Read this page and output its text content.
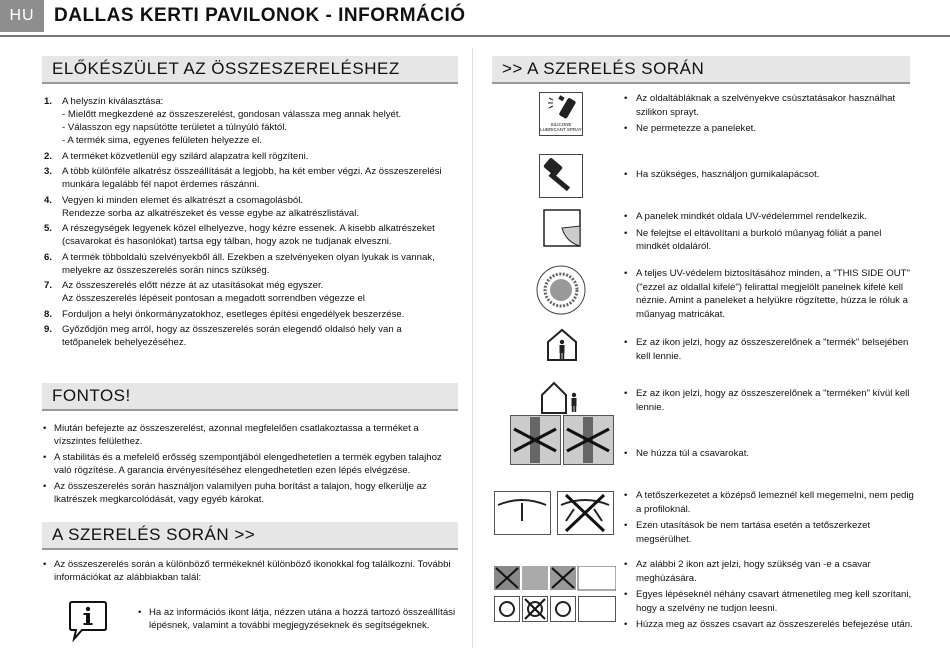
HU	DALLAS KERTI PAVILONOK - INFORMÁCIÓ
ELŐKÉSZÜLET AZ ÖSSZESZERELÉSHEZ
1. A helyszín kiválasztása:
- Mielőtt megkezdené az összeszerelést, gondosan válassza meg annak helyét.
- Válasszon egy napsütötte területet a túlnyúló fáktól.
- A termék sima, egyenes felületen helyezze el.
2. A terméket közvetlenül egy szilárd alapzatra kell rögzíteni.
3. A több különféle alkatrész összeállítását a legjobb, ha két ember végzi. Az összeszerelési munkára legalább fél napot érdemes rászánni.
4. Vegyen ki minden elemet és alkatrészt a csomagolásból.
Rendezze sorba az alkatrészeket és vesse egybe az alkatrészlistával.
5. A részegységek legyenek közel elhelyezve, hogy kézre essenek. A kisebb alkatrészeket (csavarokat és hasonlókat) tartsa egy tálban, hogy azok ne tudjanak elveszni.
6. A termék többoldalú szelvényekből áll. Ezekben a szelvényeken olyan lyukak is vannak, melyekre az összeszerelés során nincs szükség.
7. Az összeszerelés előtt nézze át az utasításokat még egyszer.
Az összeszerelés lépéseit pontosan a megadott sorrendben végezze el
8. Forduljon a helyi önkormányzatokhoz, esetleges építési engedélyek beszerzése.
9. Győződjön meg arról, hogy az összeszerelés során elegendő oldalsó hely van a tetőpanelek behelyezéséhez.
FONTOS!
• Miután befejezte az összeszerelést, azonnal megfelelően csatlakoztassa a terméket a vízszintes felülethez.
• A stabilitás és a mefelelő erősség szempontjából elengedhetetlen a termék egyben talajhoz való rögzítése. A garancia érvényesítéséhez elengedhetetlen ezen lépés elvégzése.
• Az összeszerelés során használjon valamilyen puha borítást a talajon, hogy elkerülje az lkatrészek megkarcolódását, vagy egyéb károkat.
A SZERELÉS SORÁN >>
• Az összeszerelés során a különböző termékeknél különböző ikonokkal fog találkozni. További információkat az alábbiakban talál:
• Ha az információs ikont látja, nézzen utána a hozzá tartozó összeállítási lépésnek, valamint a további megjegyzéseknek és segítségeknek.
>> A SZERELÉS SORÁN
SILICONE LUBRICANT SPRAY
• Az oldaltábláknak a szelvényekve csúsztatásakor használhat szilikon sprayt.
• Ne permetezze a paneleket.
• Ha szükséges, használjon gumikalapácsot.
• A panelek mindkét oldala UV-védelemmel rendelkezik.
• Ne felejtse el eltávolítani a burkoló műanyag fóliát a panel mindkét oldaláról.
• A teljes UV-védelem biztosításához minden, a "THIS SIDE OUT" ("ezzel az oldallal kifelé") felirattal megjelölt panelnek kifelé kell néznie. Amint a paneleket a helyükre rögzítette, húzza le róluk a műanyag matricákat.
• Ez az ikon jelzi, hogy az összeszerelőnek a "termék" belsejében kell lennie.
• Ez az ikon jelzi, hogy az összeszerelőnek a "terméken" kívül kell lennie.
• Ne húzza túl a csavarokat.
• A tetőszerkezetet a középső lemeznél kell megemelni, nem pedig a profiloknál.
• Ezen utasítások be nem tartása esetén a tetőszerkezet megsérülhet.
• Az alábbi 2 ikon azt jelzi, hogy szükség van -e a csavar meghúzására.
• Egyes lépéseknél néhány csavart átmenetileg meg kell szorítani, hogy a szelvény ne tudjon leesni.
• Húzza meg az összes csavart az összeszerelés befejezése után.
